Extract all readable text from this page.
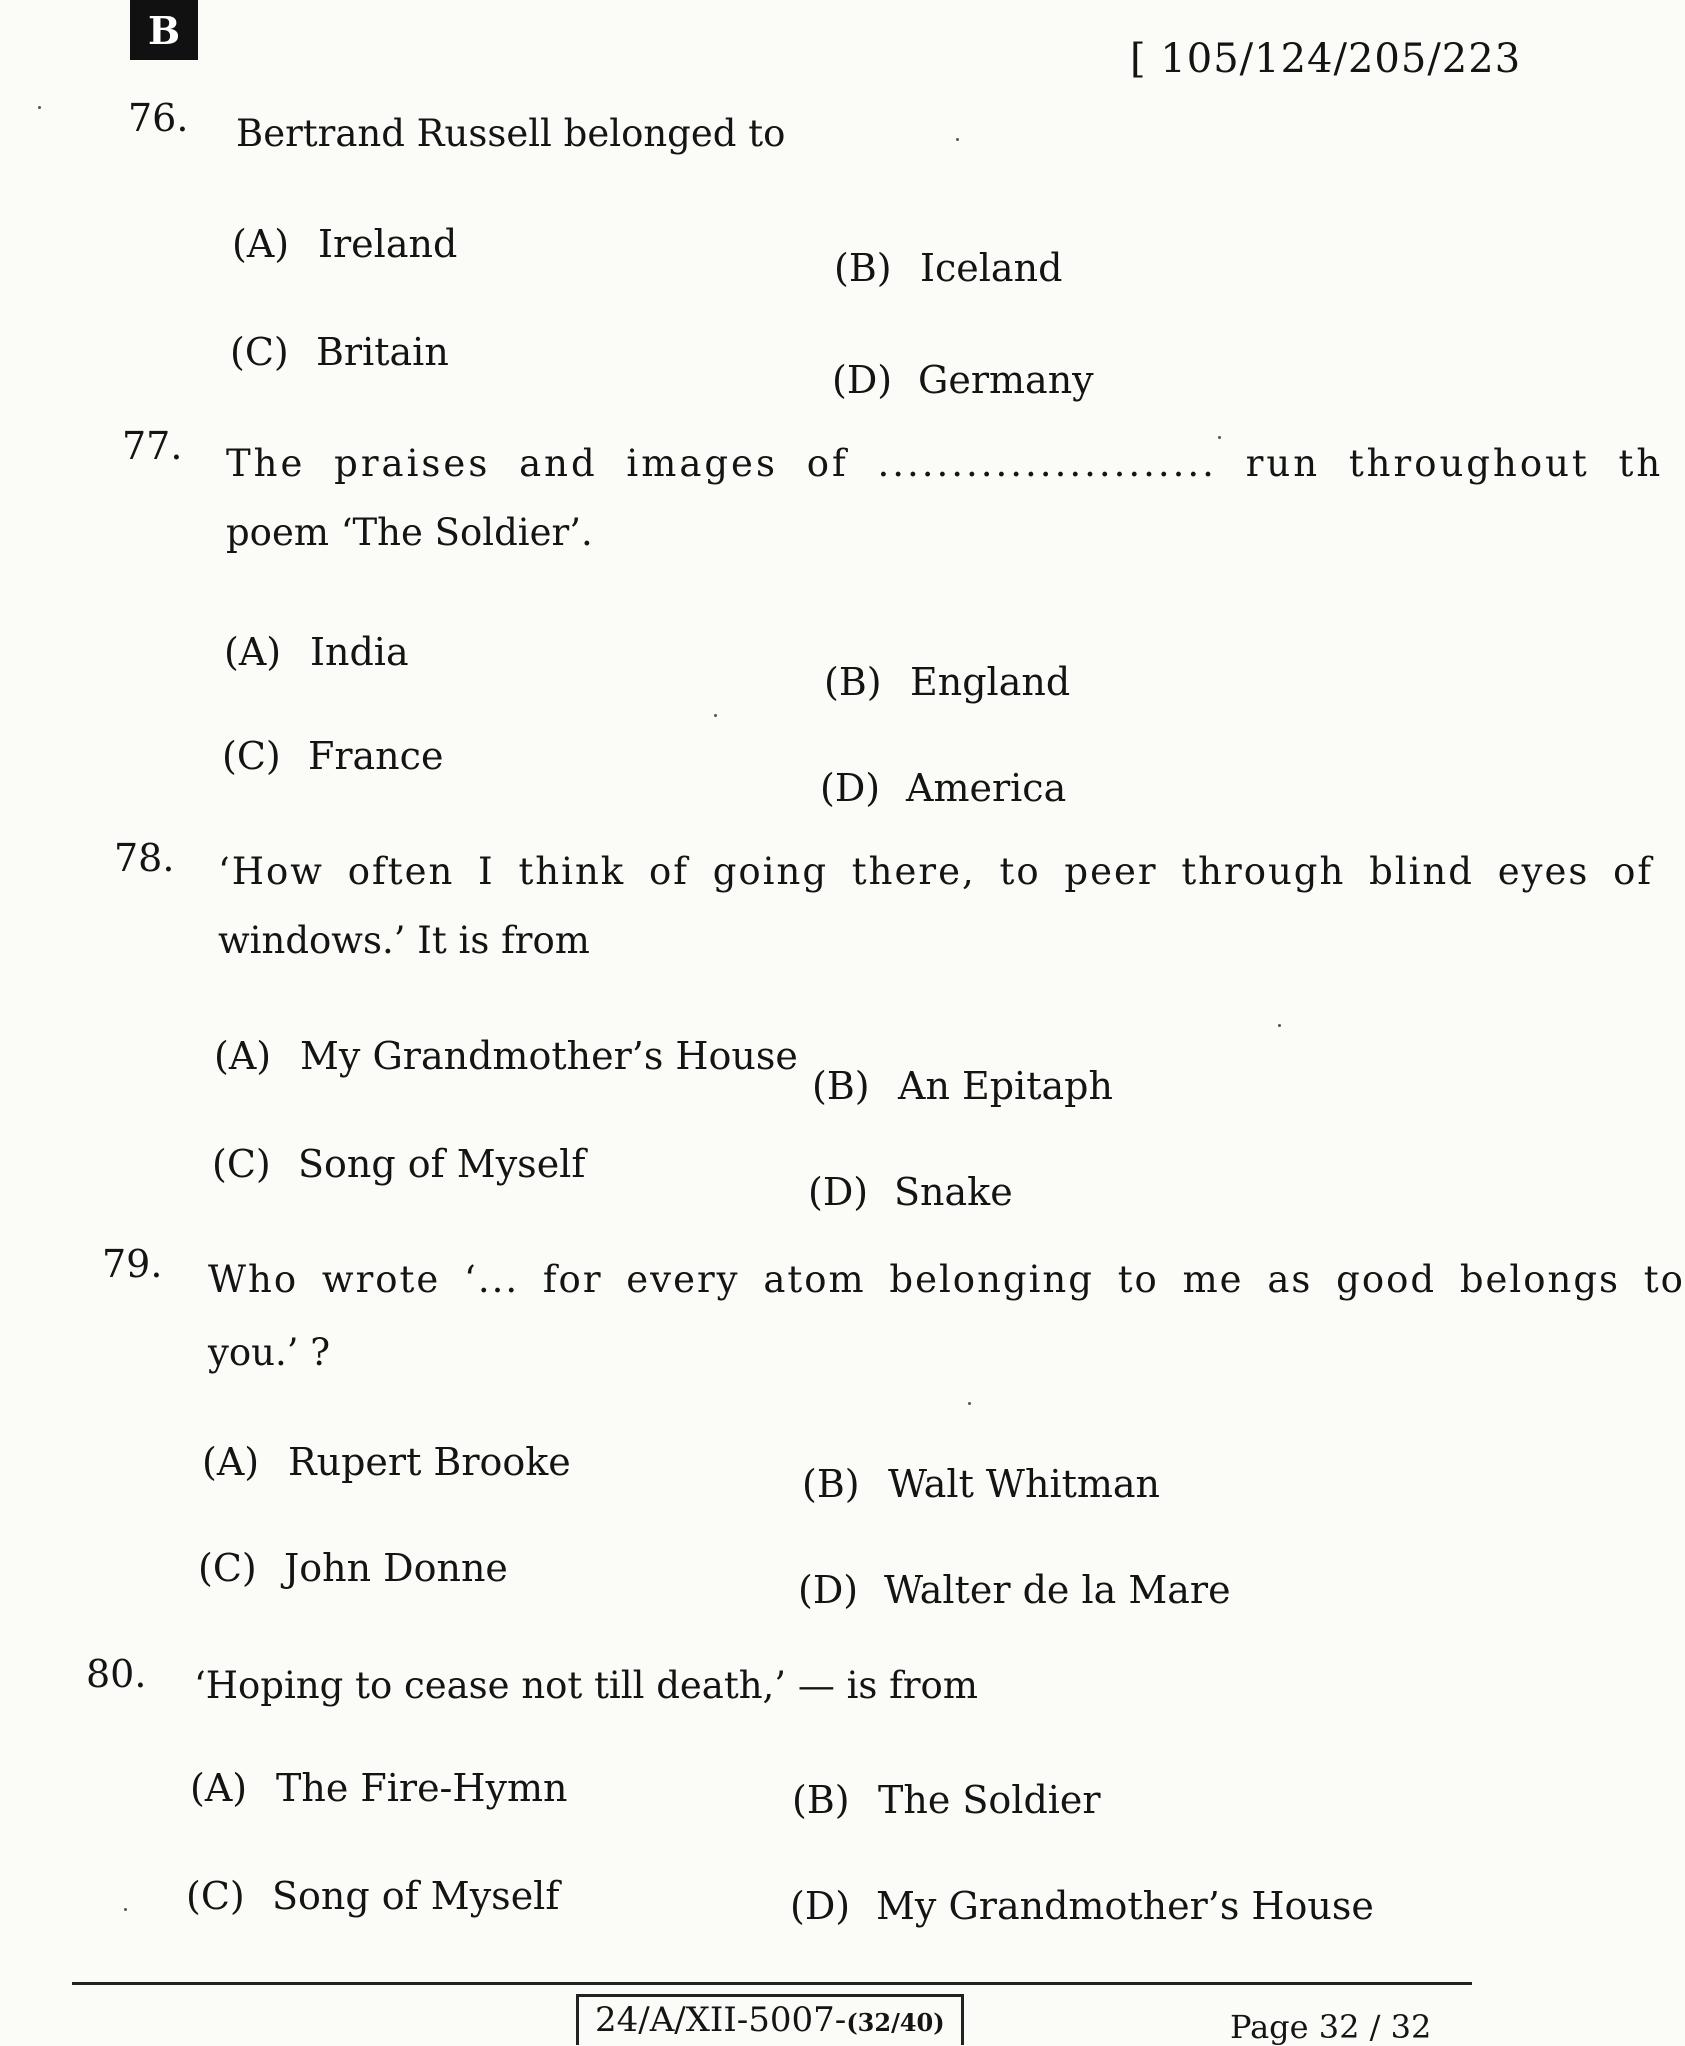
B
[ 105/124/205/223
76. Bertrand Russell belonged to
(A) Ireland
(B) Iceland
(C) Britain
(D) Germany
77. The praises and images of ....................... run throughout th
poem ‘The Soldier’.
(A) India
(B) England
(C) France
(D) America
78. ‘How often I think of going there, to peer through blind eyes of
windows.’ It is from
(A) My Grandmother’s House
(B) An Epitaph
(C) Song of Myself
(D) Snake
79. Who wrote ‘... for every atom belonging to me as good belongs to
you.’ ?
(A) Rupert Brooke	(B) Walt Whitman
(C) John Donne	(D) Walter de la Mare
80. ‘Hoping to cease not till death,’ — is from
(A) The Fire-Hymn	(B) The Soldier
(C) Song of Myself	(D) My Grandmother’s House
24/A/XII-5007-(32/40)	Page 32 / 32
